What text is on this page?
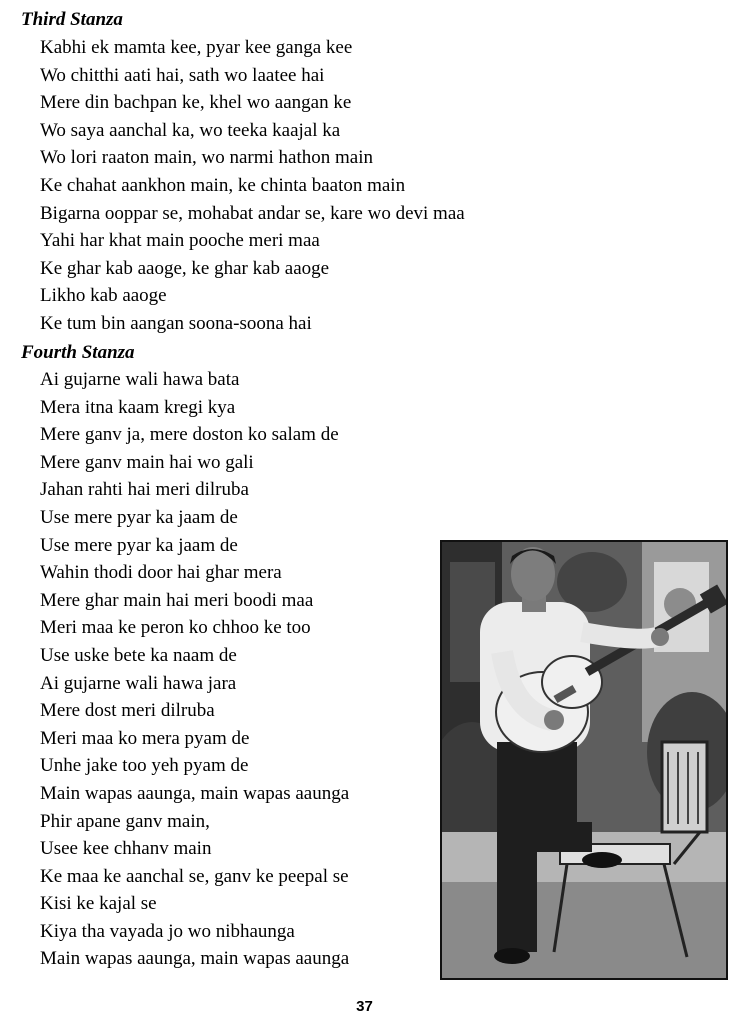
Third Stanza
Kabhi ek mamta kee, pyar kee ganga kee
Wo chitthi aati hai, sath wo laatee hai
Mere din bachpan ke, khel wo aangan ke
Wo saya aanchal ka, wo teeka kaajal ka
Wo lori raaton main, wo narmi hathon main
Ke chahat aankhon main, ke chinta baaton main
Bigarna ooppar se, mohabat andar se, kare wo devi maa
Yahi har khat main pooche meri maa
Ke ghar kab aaoge, ke ghar kab aaoge
Likho kab aaoge
Ke tum bin aangan soona-soona hai
Fourth Stanza
Ai gujarne wali hawa bata
Mera itna kaam kregi kya
Mere ganv ja, mere doston ko salam de
Mere ganv main hai wo gali
Jahan rahti hai meri dilruba
Use mere pyar ka jaam de
Use mere pyar ka jaam de
Wahin thodi door hai ghar mera
Mere ghar main hai meri boodi maa
Meri maa ke peron ko chhoo ke too
Use uske bete ka naam de
Ai gujarne wali hawa jara
Mere dost meri dilruba
Meri maa ko mera pyam de
Unhe jake too yeh pyam de
Main wapas aaunga, main wapas aaunga
Phir apane ganv main,
Usee kee chhanv main
Ke maa ke aanchal se, ganv ke peepal se
Kisi ke kajal se
Kiya tha vayada jo wo nibhaunga
Main wapas aaunga, main wapas aaunga
37
